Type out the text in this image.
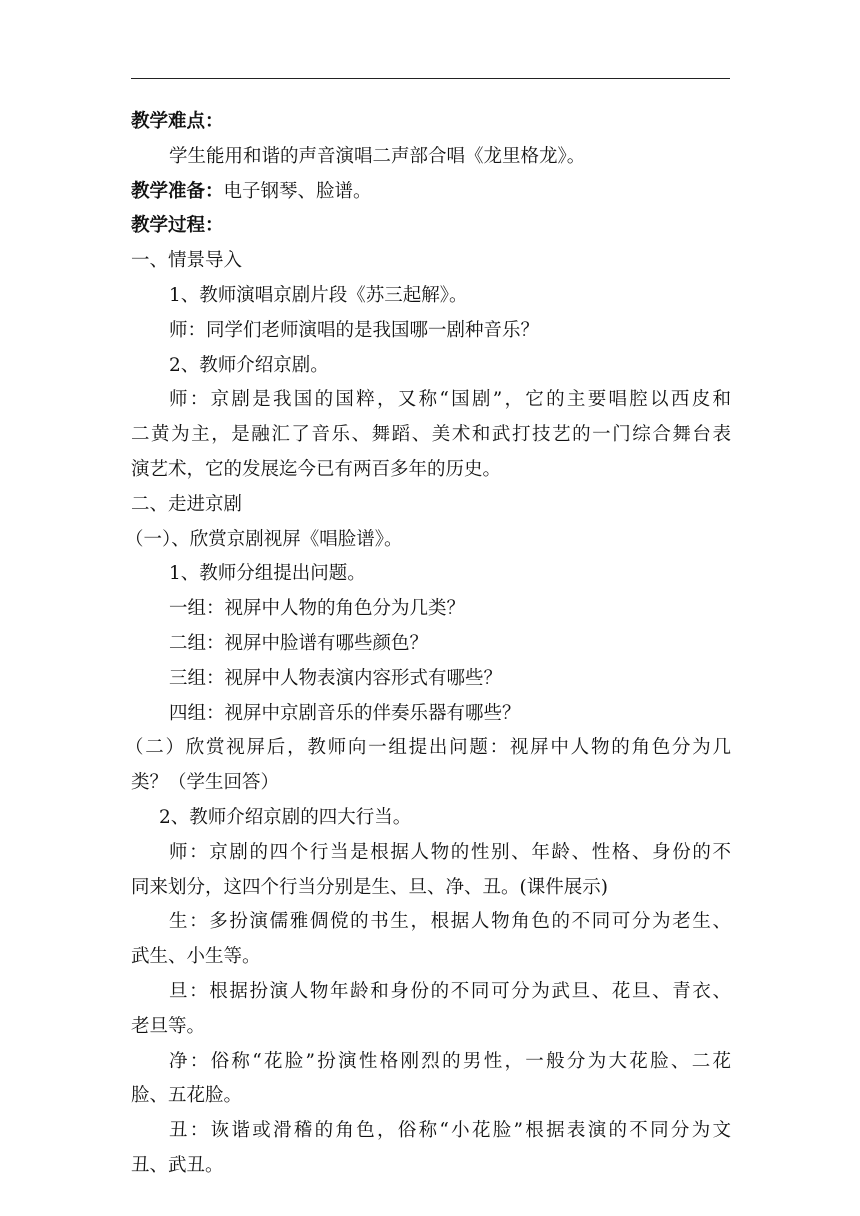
教学难点：
学生能用和谐的声音演唱二声部合唱《龙里格龙》。
教学准备：电子钢琴、脸谱。
教学过程：
一、情景导入
1、教师演唱京剧片段《苏三起解》。
师：同学们老师演唱的是我国哪一剧种音乐？
2、教师介绍京剧。
师：京剧是我国的国粹，又称“国剧”，它的主要唱腔以西皮和
二黄为主，是融汇了音乐、舞蹈、美术和武打技艺的一门综合舞台表
演艺术，它的发展迄今已有两百多年的历史。
二、走进京剧
（一）、欣赏京剧视屏《唱脸谱》。
1、教师分组提出问题。
一组：视屏中人物的角色分为几类？
二组：视屏中脸谱有哪些颜色？
三组：视屏中人物表演内容形式有哪些？
四组：视屏中京剧音乐的伴奏乐器有哪些？
（二）欣赏视屏后，教师向一组提出问题：视屏中人物的角色分为几
类？（学生回答）
2、教师介绍京剧的四大行当。
师：京剧的四个行当是根据人物的性别、年龄、性格、身份的不
同来划分，这四个行当分别是生、旦、净、丑。(课件展示)
生：多扮演儒雅倜傥的书生，根据人物角色的不同可分为老生、
武生、小生等。
旦：根据扮演人物年龄和身份的不同可分为武旦、花旦、青衣、
老旦等。
净：俗称“花脸”扮演性格刚烈的男性，一般分为大花脸、二花
脸、五花脸。
丑：诙谐或滑稽的角色，俗称“小花脸”根据表演的不同分为文
丑、武丑。
